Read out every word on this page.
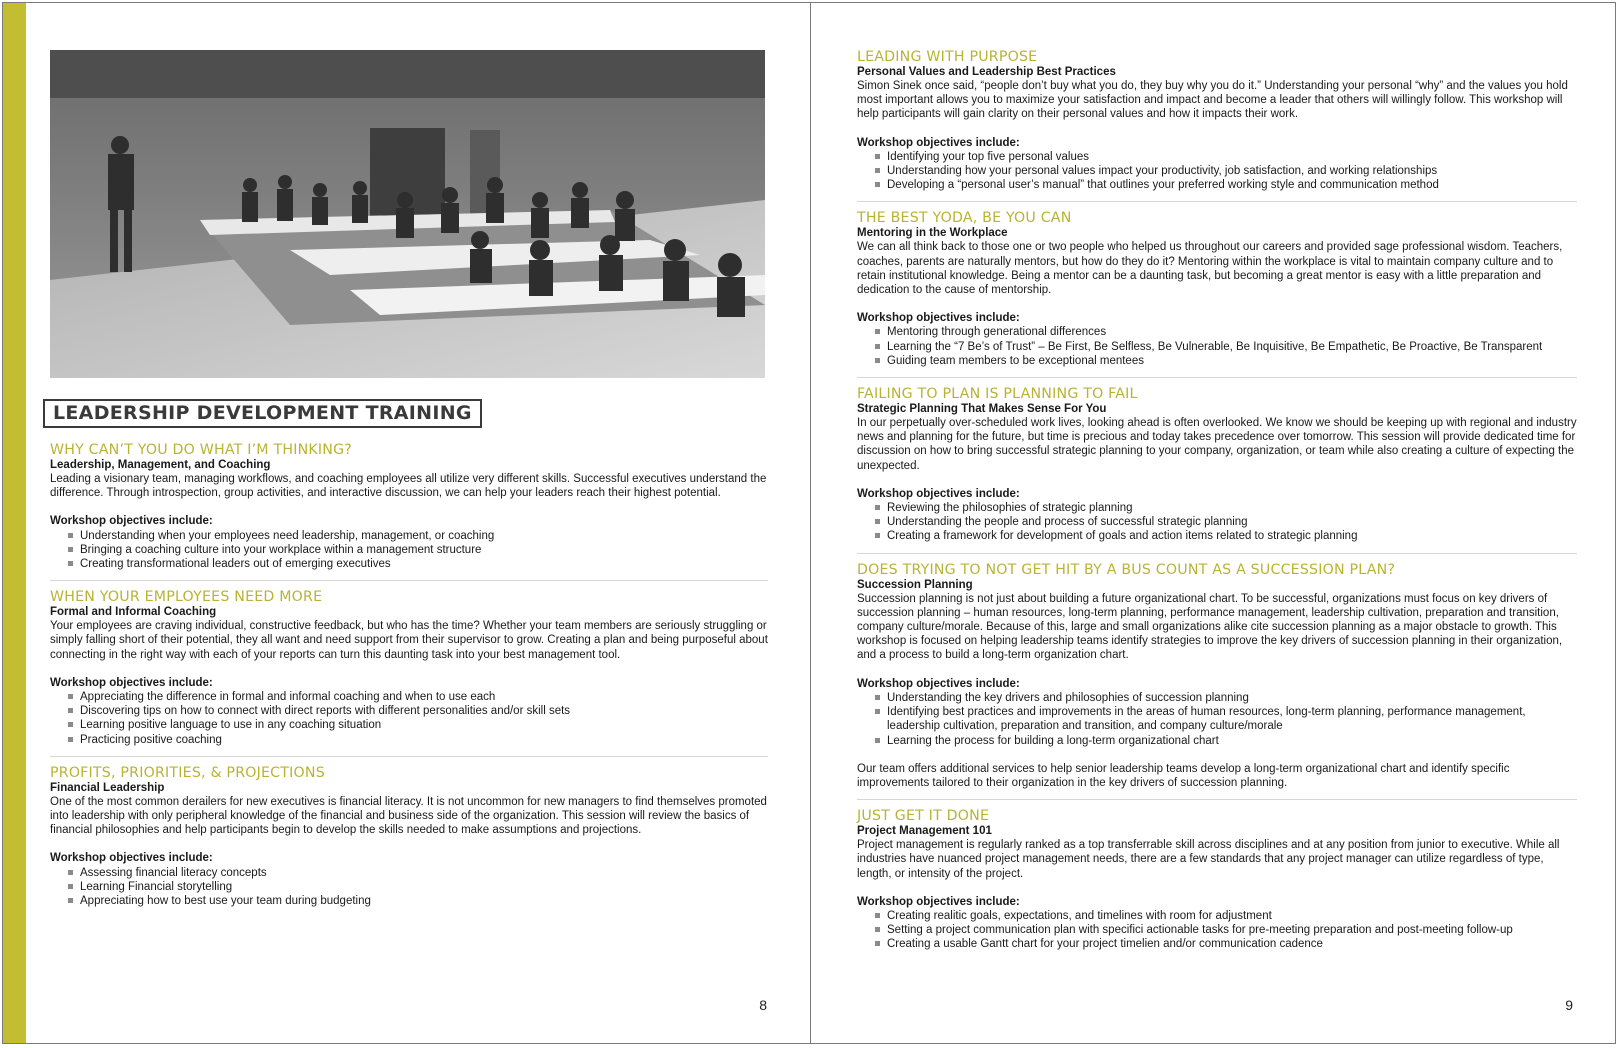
LEADERSHIP DEVELOPMENT TRAINING
WHY CAN’T YOU DO WHAT I’M THINKING?
Leadership, Management, and Coaching

Leading a visionary team, managing workflows, and coaching employees all utilize very different skills. Successful executives understand the difference. Through introspection, group activities, and interactive discussion, we can help your leaders reach their highest potential.

Workshop objectives include:
Understanding when your employees need leadership, management, or coaching
Bringing a coaching culture into your workplace within a management structure
Creating transformational leaders out of emerging executives
WHEN YOUR EMPLOYEES NEED MORE
Formal and Informal Coaching

Your employees are craving individual, constructive feedback, but who has the time? Whether your team members are seriously struggling or simply falling short of their potential, they all want and need support from their supervisor to grow. Creating a plan and being purposeful about connecting in the right way with each of your reports can turn this daunting task into your best management tool.

Workshop objectives include:
Appreciating the difference in formal and informal coaching and when to use each
Discovering tips on how to connect with direct reports with different personalities and/or skill sets
Learning positive language to use in any coaching situation
Practicing positive coaching
PROFITS, PRIORITIES, & PROJECTIONS
Financial Leadership

One of the most common derailers for new executives is financial literacy. It is not uncommon for new managers to find themselves promoted into leadership with only peripheral knowledge of the financial and business side of the organization. This session will review the basics of financial philosophies and help participants begin to develop the skills needed to make assumptions and projections.

Workshop objectives include:
Assessing financial literacy concepts
Learning Financial storytelling
Appreciating how to best use your team during budgeting
8
LEADING WITH PURPOSE
Personal Values and Leadership Best Practices

Simon Sinek once said, “people don’t buy what you do, they buy why you do it.” Understanding your personal “why” and the values you hold most important allows you to maximize your satisfaction and impact and become a leader that others will willingly follow. This workshop will help participants will gain clarity on their personal values and how it impacts their work.

Workshop objectives include:
Identifying your top five personal values
Understanding how your personal values impact your productivity, job satisfaction, and working relationships
Developing a “personal user’s manual” that outlines your preferred working style and communication method
THE BEST YODA, BE YOU CAN
Mentoring in the Workplace

We can all think back to those one or two people who helped us throughout our careers and provided sage professional wisdom. Teachers, coaches, parents are naturally mentors, but how do they do it? Mentoring within the workplace is vital to maintain company culture and to retain institutional knowledge. Being a mentor can be a daunting task, but becoming a great mentor is easy with a little preparation and dedication to the cause of mentorship.

Workshop objectives include:
Mentoring through generational differences
Learning the “7 Be’s of Trust” – Be First, Be Selfless, Be Vulnerable, Be Inquisitive, Be Empathetic, Be Proactive, Be Transparent
Guiding team members to be exceptional mentees
FAILING TO PLAN IS PLANNING TO FAIL
Strategic Planning That Makes Sense For You

In our perpetually over-scheduled work lives, looking ahead is often overlooked. We know we should be keeping up with regional and industry news and planning for the future, but time is precious and today takes precedence over tomorrow. This session will provide dedicated time for discussion on how to bring successful strategic planning to your company, organization, or team while also creating a culture of expecting the unexpected.

Workshop objectives include:
Reviewing the philosophies of strategic planning
Understanding the people and process of successful strategic planning
Creating a framework for development of goals and action items related to strategic planning
DOES TRYING TO NOT GET HIT BY A BUS COUNT AS A SUCCESSION PLAN?
Succession Planning

Succession planning is not just about building a future organizational chart. To be successful, organizations must focus on key drivers of succession planning – human resources, long-term planning, performance management, leadership cultivation, preparation and transition, company culture/morale. Because of this, large and small organizations alike cite succession planning as a major obstacle to growth. This workshop is focused on helping leadership teams identify strategies to improve the key drivers of succession planning in their organization, and a process to build a long-term organization chart.

Workshop objectives include:
Understanding the key drivers and philosophies of succession planning
Identifying best practices and improvements in the areas of human resources, long-term planning, performance management, leadership cultivation, preparation and transition, and company culture/morale
Learning the process for building a long-term organizational chart

Our team offers additional services to help senior leadership teams develop a long-term organizational chart and identify specific improvements tailored to their organization in the key drivers of succession planning.

JUST GET IT DONE
Project Management 101

Project management is regularly ranked as a top transferrable skill across disciplines and at any position from junior to executive. While all industries have nuanced project management needs, there are a few standards that any project manager can utilize regardless of type, length, or intensity of the project.

Workshop objectives include:
Creating realitic goals, expectations, and timelines with room for adjustment
Setting a project communication plan with specifici actionable tasks for pre-meeting preparation and post-meeting follow-up
Creating a usable Gantt chart for your project timelien and/or communication cadence
9
